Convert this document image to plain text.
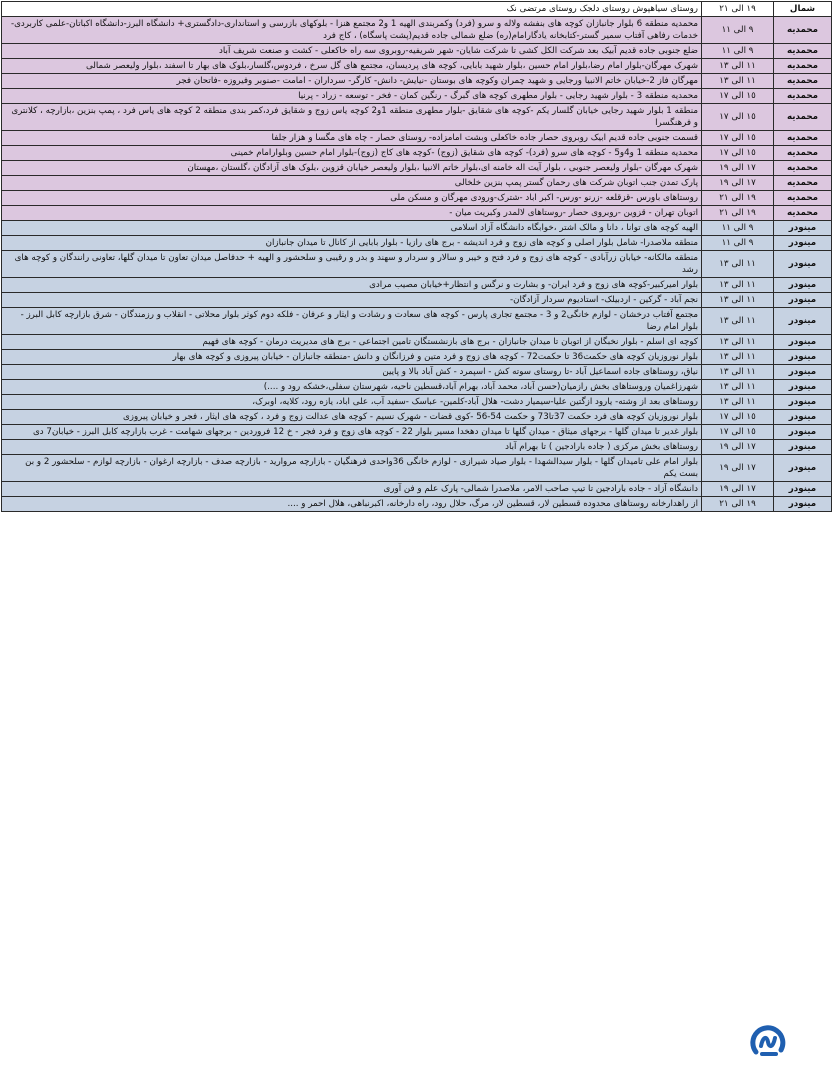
شمال	١٩ الی ٢١	روستای سیاهپوش روستای دلجک روستای مرتضی نک
محمدیه	٩ الی ١١	محمدیه منطقه 6 بلوار جانبازان کوچه های بنفشه ولاله و سرو (فرد) وکمربندی الهیه 1 و2 مجتمع هنزا - بلوکهای بازرسی و استانداری-دادگستری+ دانشگاه البرز-دانشگاه اکباتان-علمی کاربردی-خدمات رفاهی آفتاب سمیر گستر-کتابخانه یادگارامام(ره) ضلع شمالی جاده قدیم(پشت پاسگاه) ، کاج فرد
محمدیه	٩ الی ١١	ضلع جنوبی جاده قدیم آبیک بعد شرکت الکل کشی تا شرکت شایان- شهر شریفیه-روبروی سه راه خاکعلی - کشت و صنعت شریف آباد
محمدیه	١١ الی ١٣	شهرک مهرگان-بلوار امام رضا،بلوار امام حسین ،بلوار شهید بابایی، کوچه های پردیسان، مجتمع های گل سرخ ، فردوس،گلسار،بلوک های بهار تا اسفند ،بلوار ولیعصر شمالی
محمدیه	١١ الی ١٣	مهرگان فاز 2-خیابان خاتم الانبیا ورجایی و شهید چمران وکوچه های بوستان -نیایش- دانش- کارگر- سرداران - امامت -صنوبر وفیروزه -فاتحان فجر
محمدیه	١٥ الی ١٧	محمدیه منطقه 3 - بلوار شهید رجایی - بلوار مطهری کوچه های گبرگ - رنگین کمان - فخر - توسعه - زراد - پرنیا
محمدیه	١٥ الی ١٧	منطقه 1 بلوار شهید رجایی خیابان گلسار یکم -کوچه های شقایق -بلوار مطهری منطقه 1و2 کوچه یاس زوج و شقایق فرد،کمر بندی منطقه 2 کوچه های یاس فرد ، پمپ بنزین ،بازارچه ، کلانتری و فرهنگسرا
محمدیه	١٥ الی ١٧	قسمت جنوبی جاده قدیم ابیک روبروی حصار جاده خاکعلی وبشت امامزاده- روستای حصار - چاه های مگسا و هزار جلفا
محمدیه	١٥ الی ١٧	محمدیه منطقه 1 و4و5 - کوچه های سرو (فرد)- کوچه های شقایق (زوج) -کوچه های کاج (زوج)-بلوار امام حسین وبلوارامام خمینی
محمدیه	١٧ الی ١٩	شهرک مهرگان -بلوار ولیعصر جنوبی ، بلوار آیت اله خامنه ای،بلوار خاتم الانبیا ،بلوار ولیعصر خیابان قزوین ،بلوک های آزادگان ،گلستان ،مهستان
محمدیه	١٧ الی ١٩	پارک تمدن جنب اتوبان شرکت های رحمان گستر پمپ بنزین خلخالی
محمدیه	١٩ الی ٢١	روستاهای باورس -قزقلعه -زرنو -ورس- اکبر اباد -شترک-ورودی مهرگان و مسکن ملی
محمدیه	١٩ الی ٢١	اتوبان تهران - قزوین -روبروی حصار -روستاهای لالمدر وکبریت میان -
مینودر	٩ الی ١١	الهیه کوچه های توانا ، دانا و مالک اشتر ،خوابگاه دانشگاه آزاد اسلامی
مینودر	٩ الی ١١	منطقه ملاصدرا- شامل بلوار اصلی و کوچه های زوج و فرد اندیشه - برج های رازیا - بلوار بابایی از کانال تا میدان جانبازان
مینودر	١١ الی ١٣	منطقه مالکانه- خیابان زرآبادی - کوچه های زوج و فرد فتح و خیبر و سالار و سردار و سهند و بدر و رقیبی و سلحشور و الهیه + حدفاصل میدان تعاون تا میدان گلها، تعاونی رانندگان و کوچه های رشد
مینودر	١١ الی ١٣	بلوار امیرکبیر-کوچه های زوج و فرد ایران- و بشارت و نرگس و انتظار+خیابان مصیب مرادی
مینودر	١١ الی ١٣	نجم آباد - گرکین - اردبیلک- استادیوم سردار آزادگان-
مینودر	١١ الی ١٣	مجتمع آفتاب درخشان - لوازم خانگی2 و 3 - مجتمع تجاری پارس - کوچه های سعادت و رشادت و ایثار و عرفان - فلکه دوم کوثر بلوار محلاتی - انقلاب و رزمندگان - شرق بازارچه کابل البرز - بلوار امام رضا
مینودر	١١ الی ١٣	کوچه ای اسلم - بلوار نخبگان از اتوبان تا میدان جانبازان - برج های بازنشستگان تامین اجتماعی - برج های مدیریت درمان - کوچه های فهیم
مینودر	١١ الی ١٣	بلوار نوروزیان کوچه های حکمت36 تا حکمت72 - کوچه های زوج و فرد متین و فرزانگان و دانش -منطقه جانبازان - خیابان پیروزی و کوچه های بهار
مینودر	١١ الی ١٣	نیاق، روستاهای جاده اسماعیل آباد -تا روستای سوته کش - اسپمرد - کش آباد بالا و پایین
مینودر	١١ الی ١٣	شهرزاغمیان وروستاهای بخش رازمیان(حسن آباد، محمد آباد، بهرام آباد،قسطین ناحیه، شهرستان سفلی،خشکه رود و ....)
مینودر	١١ الی ١٣	روستاهای بعد از وشته- یارود ازگتین علیا-سیمیار دشت- هلال آباد-کلمین- عباسک -سفید آب، علی اباد، یازه رود، کلایه، اوبرک،
مینودر	١٥ الی ١٧	بلوار نوروزیان کوچه های فرد حکمت 37تا73 و حکمت 54-56 -کوی قضات - شهرک نسیم - کوچه های عدالت زوج و فرد ، کوچه های ایثار ، فجر و خیابان پیروزی
مینودر	١٥ الی ١٧	بلوار غدیر تا میدان گلها - برجهای میثاق - میدان گلها تا میدان دهخدا مسیر بلوار 22 - کوچه های زوج و فرد فجر - خ 12 فروردین - برجهای شهامت - غرب بازارچه کابل البرز - خیابان7 دی
مینودر	١٧ الی ١٩	روستاهای بخش مرکزی ( جاده بارادجین ) تا بهرام آباد
مینودر	١٧ الی ١٩	بلوار امام علی تامیدان گلها - بلوار سیدالشهدا - بلوار صیاد شیرازی - لوازم خانگی 36واحدی فرهنگیان - بازارچه مروارید - بازارچه صدف - بازارچه ارغوان - بازارچه لوازم - سلحشور 2 و بن بست یکم
مینودر	١٧ الی ١٩	دانشگاه آزاد - جاده بارادجین تا تیپ صاحب الامر، ملاصدرا شمالی- پارک علم و فن آوری
مینودر	١٩ الی ٢١	از راهدارخانه روستاهای محدوده قسطین لار، قسطین لار، مرگ، حلال رود، راه دارخانه، اکبرنباهی، هلال احمر و ....
